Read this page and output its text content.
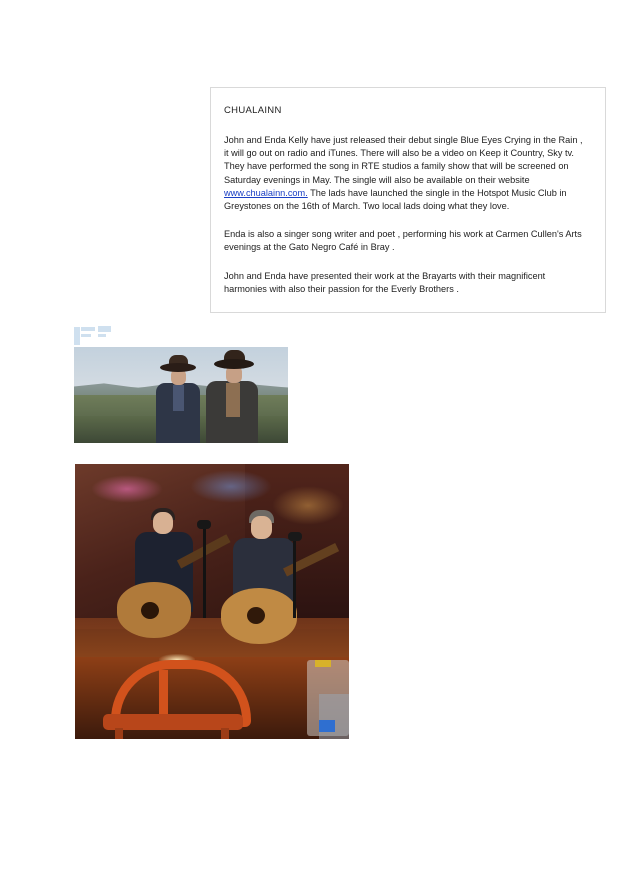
CHUALAINN

John and Enda Kelly have just released their debut single Blue Eyes Crying in the Rain , it will go out on radio and iTunes. There will also be a video on Keep it Country, Sky tv. They have performed the song in RTE studios a family show that will be screened on Saturday evenings in May. The single will also be available on their website www.chualainn.com. The lads have launched the single in the Hotspot Music Club in Greystones on the 16th of March. Two local lads doing what they love.

Enda is also a singer song writer and poet , performing his work at Carmen Cullen's Arts evenings at the Gato Negro Café in Bray .

John and Enda have presented their work at the Brayarts with their magnificent harmonies with also their passion for the Everly Brothers .
